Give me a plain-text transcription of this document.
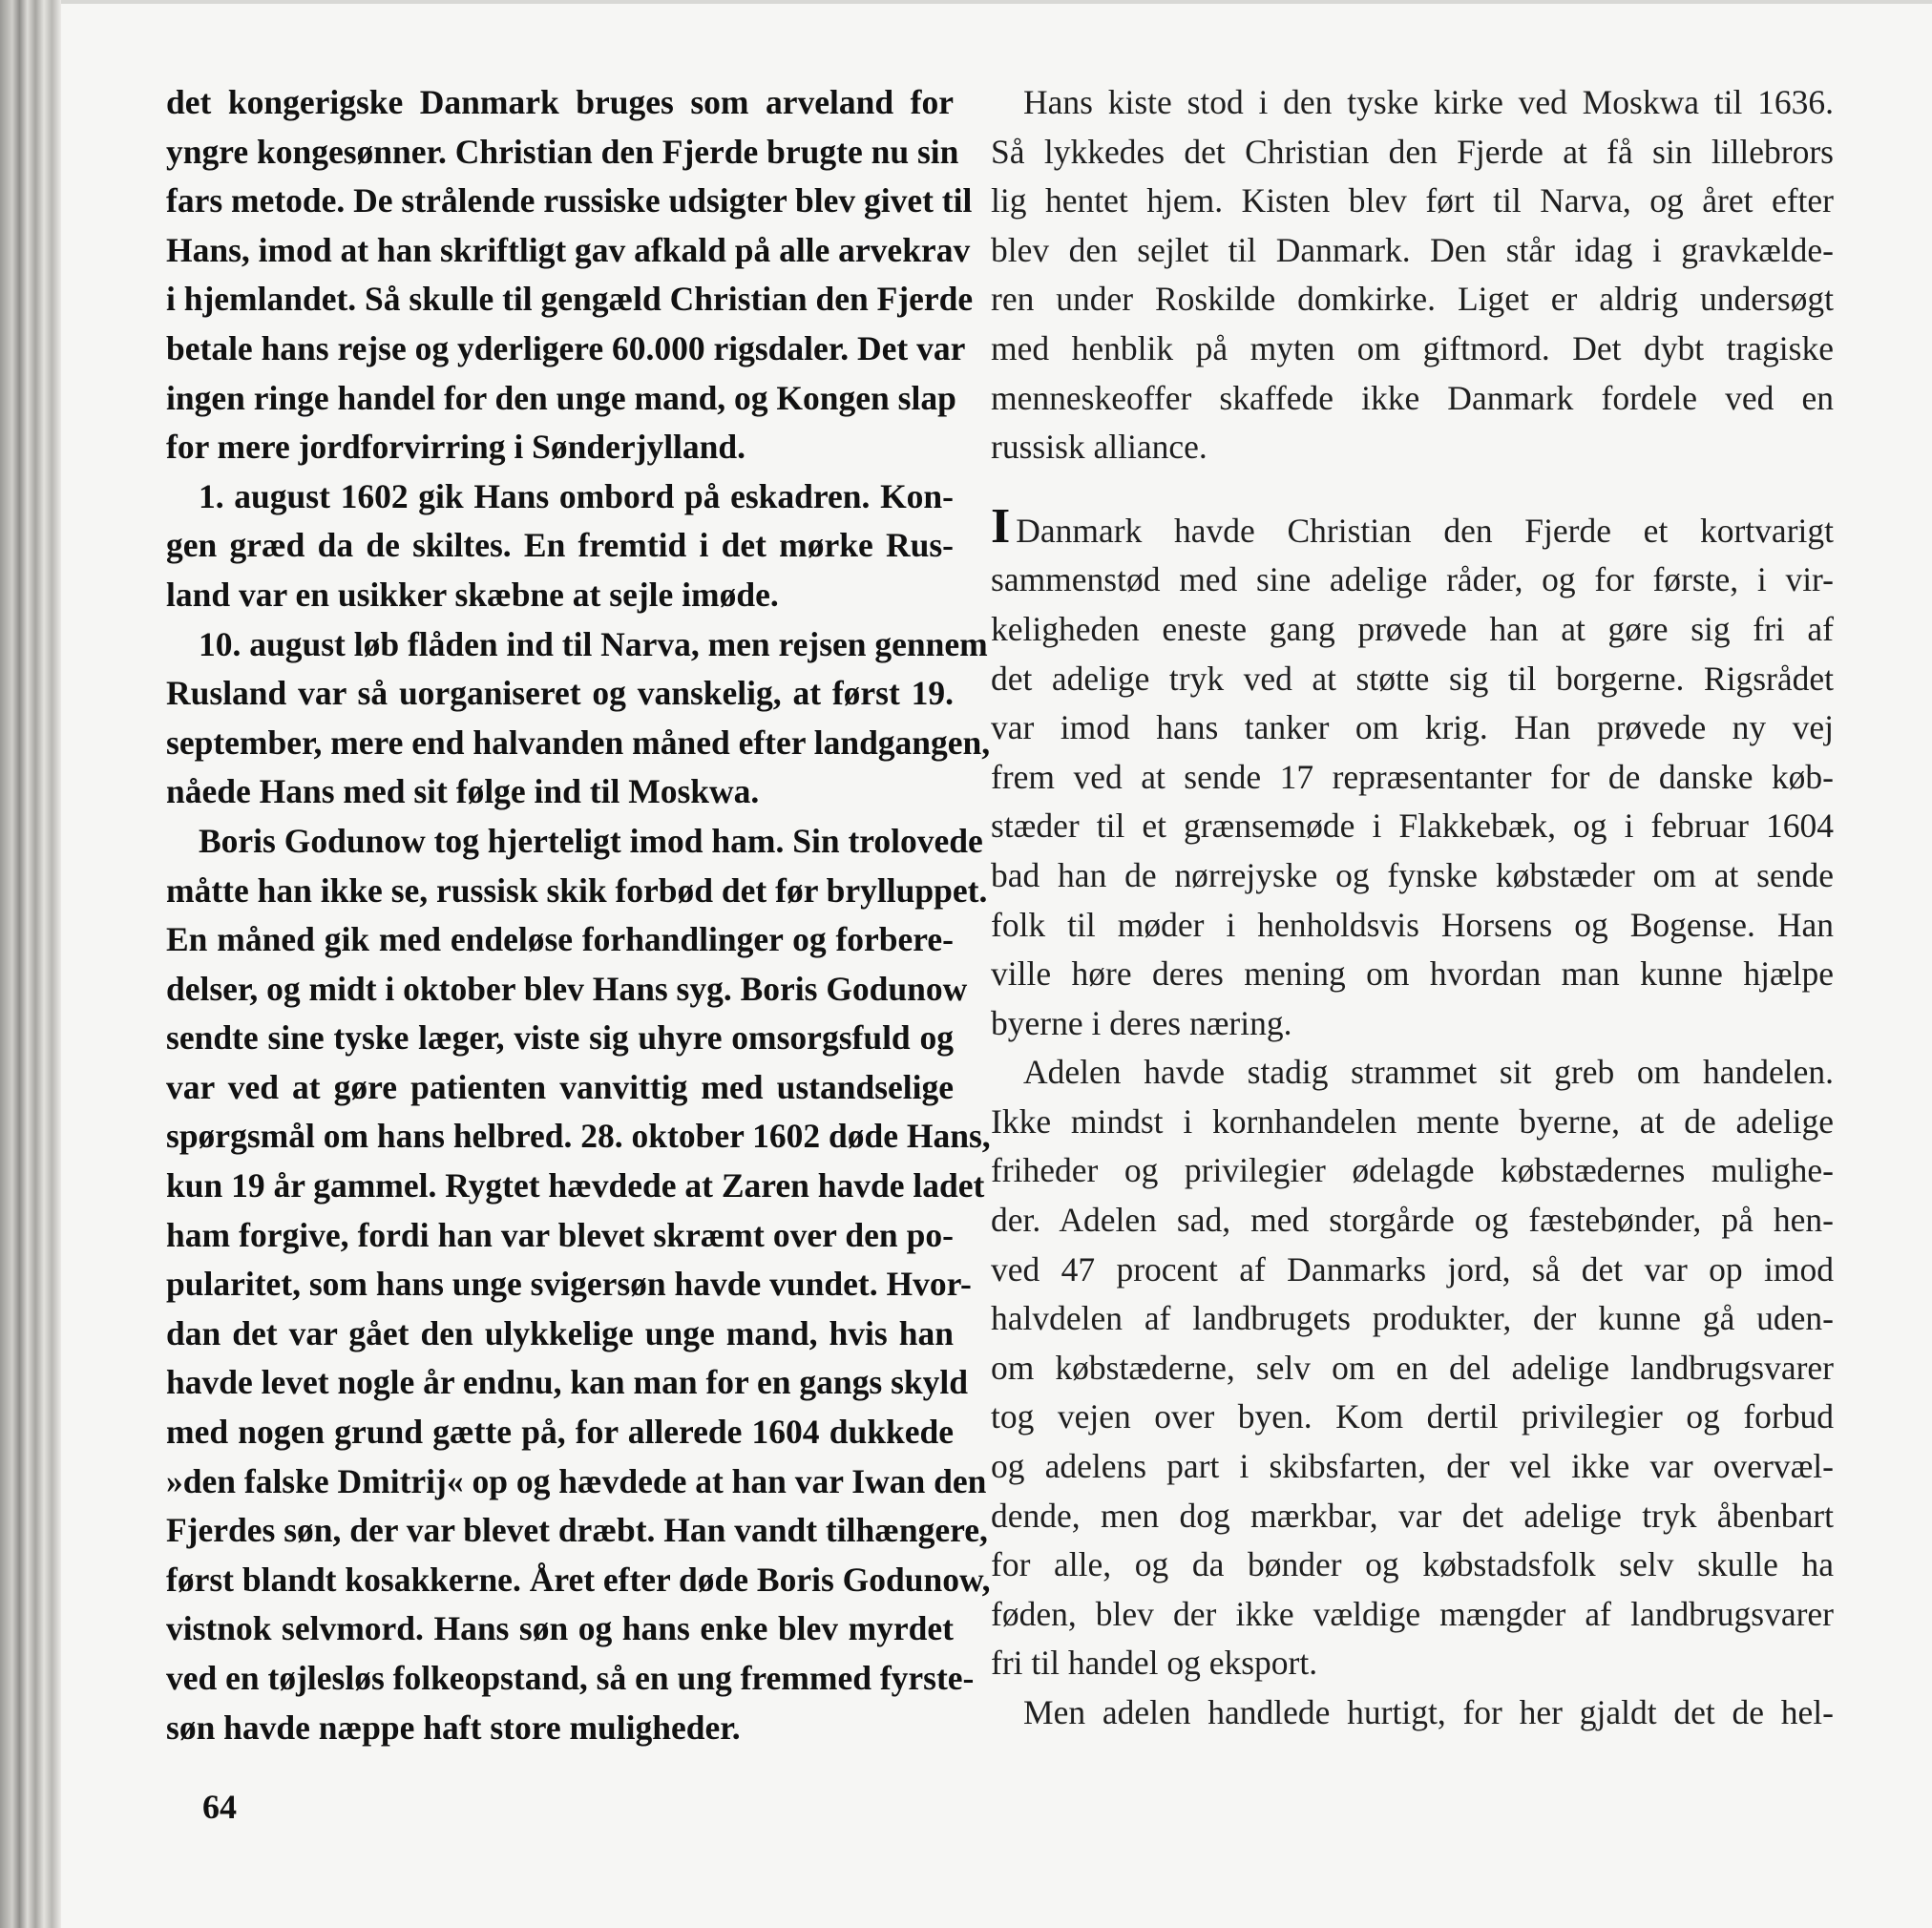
det kongerigske Danmark bruges som arveland for
yngre kongesønner. Christian den Fjerde brugte nu sin
fars metode. De strålende russiske udsigter blev givet til
Hans, imod at han skriftligt gav afkald på alle arvekrav
i hjemlandet. Så skulle til gengæld Christian den Fjerde
betale hans rejse og yderligere 60.000 rigsdaler. Det var
ingen ringe handel for den unge mand, og Kongen slap
for mere jordforvirring i Sønderjylland.
1. august 1602 gik Hans ombord på eskadren. Kon-
gen græd da de skiltes. En fremtid i det mørke Rus-
land var en usikker skæbne at sejle imøde.
10. august løb flåden ind til Narva, men rejsen gennem
Rusland var så uorganiseret og vanskelig, at først 19.
september, mere end halvanden måned efter landgangen,
nåede Hans med sit følge ind til Moskwa.
Boris Godunow tog hjerteligt imod ham. Sin trolovede
måtte han ikke se, russisk skik forbød det før brylluppet.
En måned gik med endeløse forhandlinger og forbere-
delser, og midt i oktober blev Hans syg. Boris Godunow
sendte sine tyske læger, viste sig uhyre omsorgsfuld og
var ved at gøre patienten vanvittig med ustandselige
spørgsmål om hans helbred. 28. oktober 1602 døde Hans,
kun 19 år gammel. Rygtet hævdede at Zaren havde ladet
ham forgive, fordi han var blevet skræmt over den po-
pularitet, som hans unge svigersøn havde vundet. Hvor-
dan det var gået den ulykkelige unge mand, hvis han
havde levet nogle år endnu, kan man for en gangs skyld
med nogen grund gætte på, for allerede 1604 dukkede
»den falske Dmitrij« op og hævdede at han var Iwan den
Fjerdes søn, der var blevet dræbt. Han vandt tilhængere,
først blandt kosakkerne. Året efter døde Boris Godunow,
vistnok selvmord. Hans søn og hans enke blev myrdet
ved en tøjlesløs folkeopstand, så en ung fremmed fyrste-
søn havde næppe haft store muligheder.
Hans kiste stod i den tyske kirke ved Moskwa til 1636.
Så lykkedes det Christian den Fjerde at få sin lillebrors
lig hentet hjem. Kisten blev ført til Narva, og året efter
blev den sejlet til Danmark. Den står idag i gravkælde-
ren under Roskilde domkirke. Liget er aldrig undersøgt
med henblik på myten om giftmord. Det dybt tragiske
menneskeoffer skaffede ikke Danmark fordele ved en
russisk alliance.
I Danmark havde Christian den Fjerde et kortvarigt
sammenstød med sine adelige råder, og for første, i vir-
keligheden eneste gang prøvede han at gøre sig fri af
det adelige tryk ved at støtte sig til borgerne. Rigsrådet
var imod hans tanker om krig. Han prøvede ny vej
frem ved at sende 17 repræsentanter for de danske køb-
stæder til et grænsemøde i Flakkebæk, og i februar 1604
bad han de nørrejyske og fynske købstæder om at sende
folk til møder i henholdsvis Horsens og Bogense. Han
ville høre deres mening om hvordan man kunne hjælpe
byerne i deres næring.
Adelen havde stadig strammet sit greb om handelen.
Ikke mindst i kornhandelen mente byerne, at de adelige
friheder og privilegier ødelagde købstædernes mulighe-
der. Adelen sad, med storgårde og fæstebønder, på hen-
ved 47 procent af Danmarks jord, så det var op imod
halvdelen af landbrugets produkter, der kunne gå uden-
om købstæderne, selv om en del adelige landbrugsvarer
tog vejen over byen. Kom dertil privilegier og forbud
og adelens part i skibsfarten, der vel ikke var overvæl-
dende, men dog mærkbar, var det adelige tryk åbenbart
for alle, og da bønder og købstadsfolk selv skulle ha
føden, blev der ikke vældige mængder af landbrugsvarer
fri til handel og eksport.
Men adelen handlede hurtigt, for her gjaldt det de hel-
64
